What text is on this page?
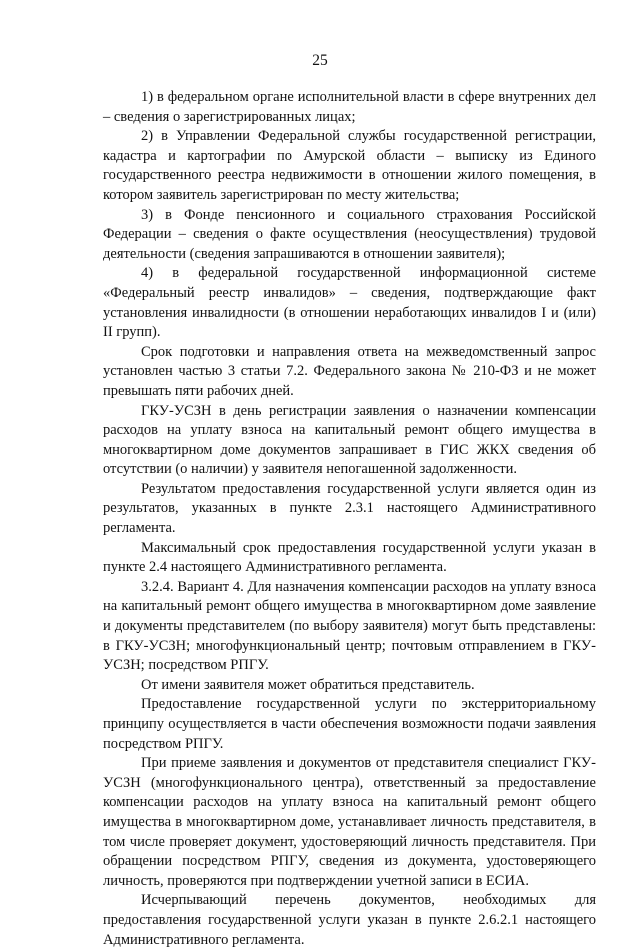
25

1) в федеральном органе исполнительной власти в сфере внутренних дел – сведения о зарегистрированных лицах;

2) в Управлении Федеральной службы государственной регистрации, кадастра и картографии по Амурской области – выписку из Единого государственного реестра недвижимости в отношении жилого помещения, в котором заявитель зарегистрирован по месту жительства;

3) в Фонде пенсионного и социального страхования Российской Федерации – сведения о факте осуществления (неосуществления) трудовой деятельности (сведения запрашиваются в отношении заявителя);

4) в федеральной государственной информационной системе «Федеральный реестр инвалидов» – сведения, подтверждающие факт установления инвалидности (в отношении неработающих инвалидов I и (или) II групп).

Срок подготовки и направления ответа на межведомственный запрос установлен частью 3 статьи 7.2. Федерального закона № 210-ФЗ и не может превышать пяти рабочих дней.

ГКУ-УСЗН в день регистрации заявления о назначении компенсации расходов на уплату взноса на капитальный ремонт общего имущества в многоквартирном доме документов запрашивает в ГИС ЖКХ сведения об отсутствии (о наличии) у заявителя непогашенной задолженности.

Результатом предоставления государственной услуги является один из результатов, указанных в пункте 2.3.1 настоящего Административного регламента.

Максимальный срок предоставления государственной услуги указан в пункте 2.4 настоящего Административного регламента.

3.2.4. Вариант 4. Для назначения компенсации расходов на уплату взноса на капитальный ремонт общего имущества в многоквартирном доме заявление и документы представителем (по выбору заявителя) могут быть представлены: в ГКУ-УСЗН; многофункциональный центр; почтовым отправлением в ГКУ-УСЗН; посредством РПГУ.

От имени заявителя может обратиться представитель.

Предоставление государственной услуги по экстерриториальному принципу осуществляется в части обеспечения возможности подачи заявления посредством РПГУ.

При приеме заявления и документов от представителя специалист ГКУ-УСЗН (многофункционального центра), ответственный за предоставление компенсации расходов на уплату взноса на капитальный ремонт общего имущества в многоквартирном доме, устанавливает личность представителя, в том числе проверяет документ, удостоверяющий личность представителя. При обращении посредством РПГУ, сведения из документа, удостоверяющего личность, проверяются при подтверждении учетной записи в ЕСИА.

Исчерпывающий перечень документов, необходимых для предоставления государственной услуги указан в пункте 2.6.2.1 настоящего Административного регламента.
